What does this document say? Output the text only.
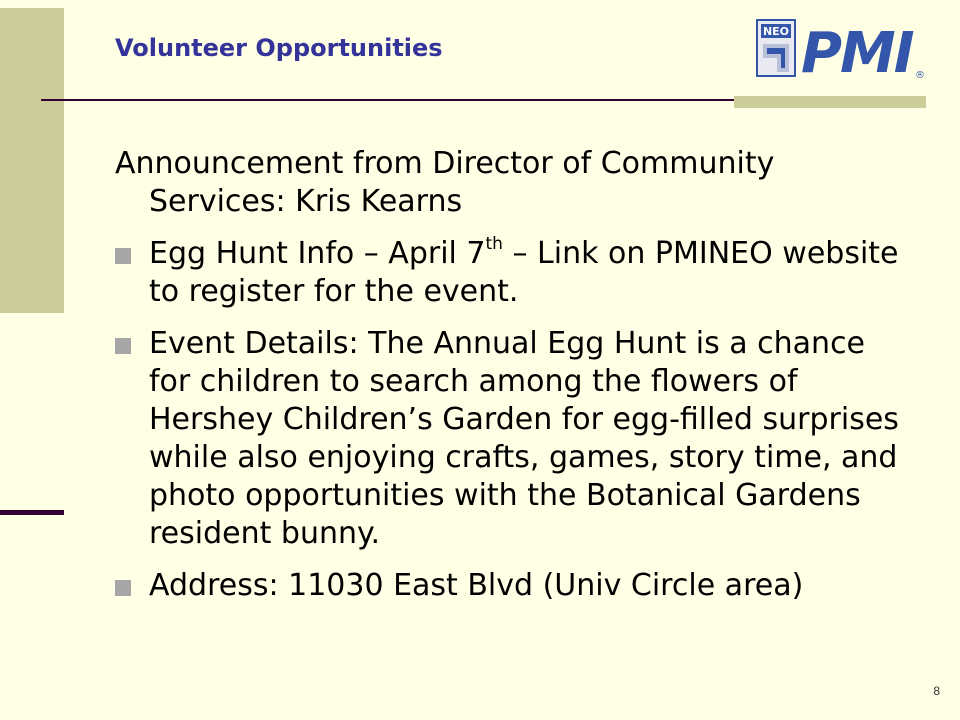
Volunteer Opportunities
NEO PMI ®

Announcement from Director of Community Services: Kris Kearns

Egg Hunt Info – April 7th – Link on PMINEO website to register for the event.
Event Details: The Annual Egg Hunt is a chance for children to search among the flowers of Hershey Children’s Garden for egg-filled surprises while also enjoying crafts, games, story time, and photo opportunities with the Botanical Gardens resident bunny.
Address: 11030 East Blvd (Univ Circle area)
8
